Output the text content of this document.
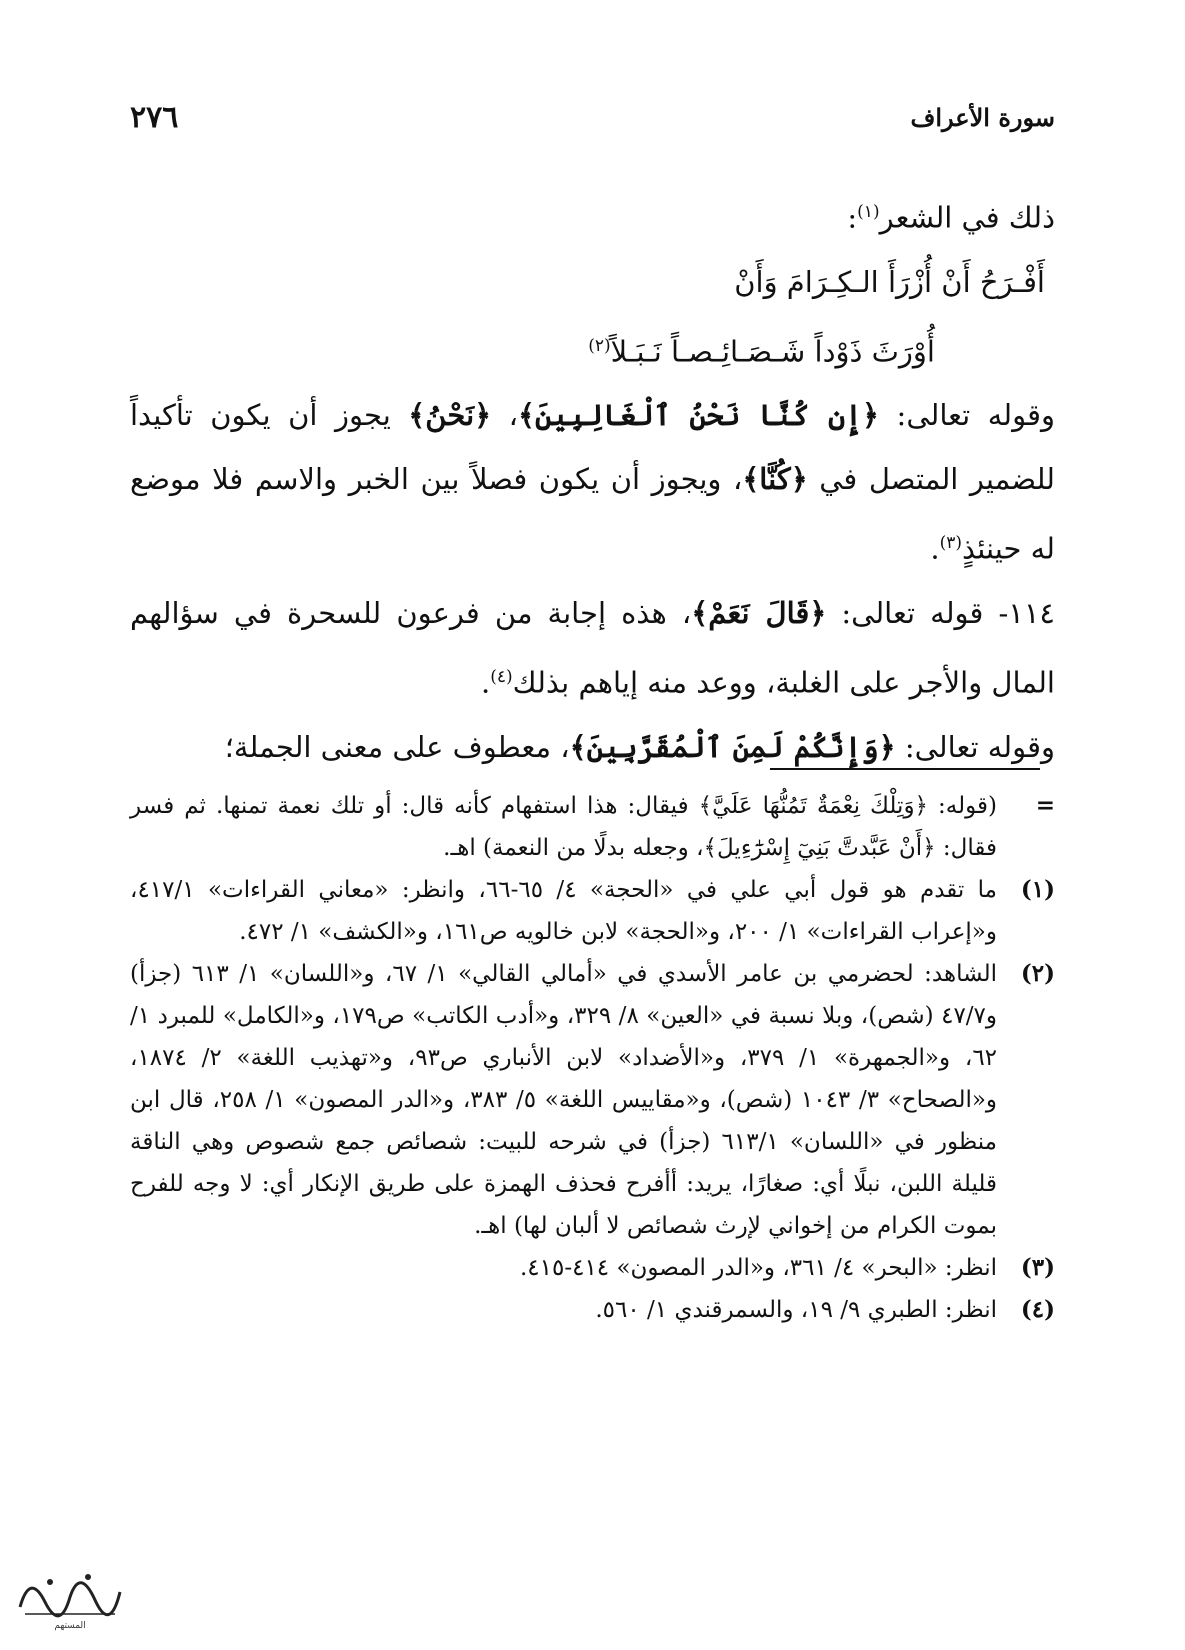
سورة الأعراف
٢٧٦

ذلك في الشعر$^{(١)}$:

أَفْـرَحُ أَنْ أُزْرَأَ الـكِـرَامَ وَأَنْ

أُوْرَثَ ذَوْداً شَـصَـائِـصـاً نَـبَـلاً$^{(٢)}$

وقوله تعالى: ﴿إِن كُنَّا نَحْنُ ٱلْغَالِبِينَ﴾، ﴿نَحْنُ﴾ يجوز أن يكون تأكيداً للضمير المتصل في ﴿كُنَّا﴾، ويجوز أن يكون فصلاً بين الخبر والاسم فلا موضع له حينئذٍ$^{(٣)}$.

١١٤- قوله تعالى: ﴿قَالَ نَعَمْ﴾، هذه إجابة من فرعون للسحرة في سؤالهم المال والأجر على الغلبة، ووعد منه إياهم بذلك$^{(٤)}$.

وقوله تعالى: ﴿وَإِنَّكُمْ لَمِنَ ٱلْمُقَرَّبِينَ﴾، معطوف على معنى الجملة؛

=
(قوله: ﴿وَتِلْكَ نِعْمَةٌ تَمُنُّهَا عَلَيَّ﴾ فيقال: هذا استفهام كأنه قال: أو تلك نعمة تمنها. ثم فسر فقال: ﴿أَنْ عَبَّدتَّ بَنِيٓ إِسْرَٰٓءِيلَ﴾، وجعله بدلًا من النعمة) اهـ.
(١)
ما تقدم هو قول أبي علي في «الحجة» ٤/ ٦٥-٦٦، وانظر: «معاني القراءات» ٤١٧/١، و«إعراب القراءات» ١/ ٢٠٠، و«الحجة» لابن خالويه ص١٦١، و«الكشف» ١/ ٤٧٢.
(٢)
الشاهد: لحضرمي بن عامر الأسدي في «أمالي القالي» ١/ ٦٧، و«اللسان» ١/ ٦١٣ (جزأ) و٤٧/٧ (شص)، وبلا نسبة في «العين» ٨/ ٣٢٩، و«أدب الكاتب» ص١٧٩، و«الكامل» للمبرد ١/ ٦٢، و«الجمهرة» ١/ ٣٧٩، و«الأضداد» لابن الأنباري ص٩٣، و«تهذيب اللغة» ٢/ ١٨٧٤، و«الصحاح» ٣/ ١٠٤٣ (شص)، و«مقاييس اللغة» ٥/ ٣٨٣، و«الدر المصون» ١/ ٢٥٨، قال ابن منظور في «اللسان» ٦١٣/١ (جزأ) في شرحه للبيت: شصائص جمع شصوص وهي الناقة قليلة اللبن، نبلًا أي: صغارًا، يريد: أأفرح فحذف الهمزة على طريق الإنكار أي: لا وجه للفرح بموت الكرام من إخواني لإرث شصائص لا ألبان لها) اهـ.
(٣)
انظر: «البحر» ٤/ ٣٦١، و«الدر المصون» ٤١٤-٤١٥.
(٤)
انظر: الطبري ٩/ ١٩، والسمرقندي ١/ ٥٦٠.
المستهم
